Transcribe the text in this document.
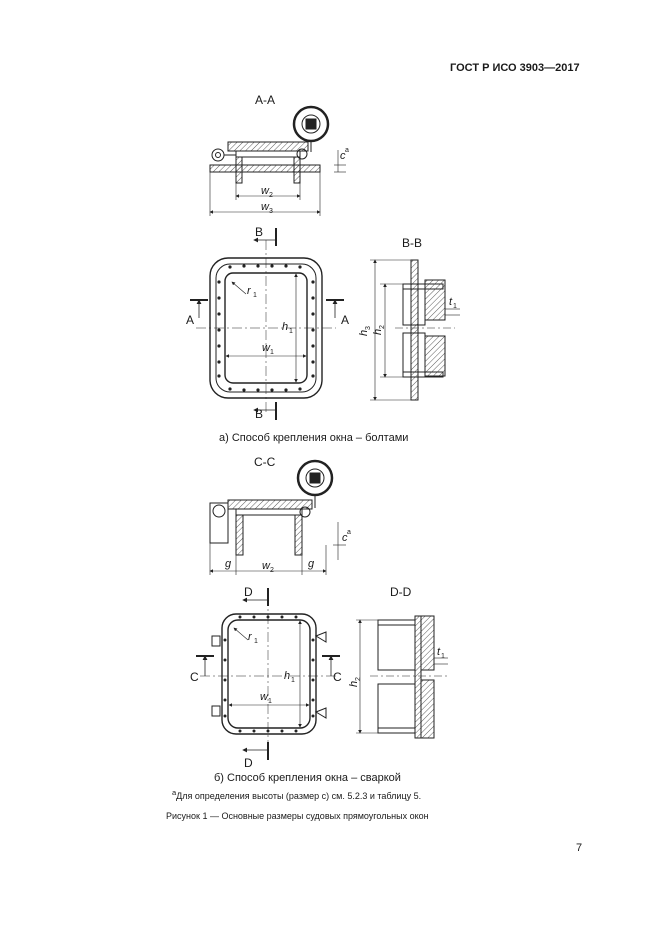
ГОСТ Р ИСО 3903—2017
A-A
w 2
w 3
c a
B
B
A	A
w 1
h 1
r 1
B-B
h
3
h
2
t 1
C-C
g	g
w 2
c a
D
D
C	C
w 1
h 1
r 1
D-D
h
2
t 1
а) Способ крепления окна – болтами
б) Способ крепления окна – сваркой
$^a$Для определения высоты (размер с) см. 5.2.3 и таблицу 5.
Рисунок 1 — Основные размеры судовых прямоугольных окон
7
